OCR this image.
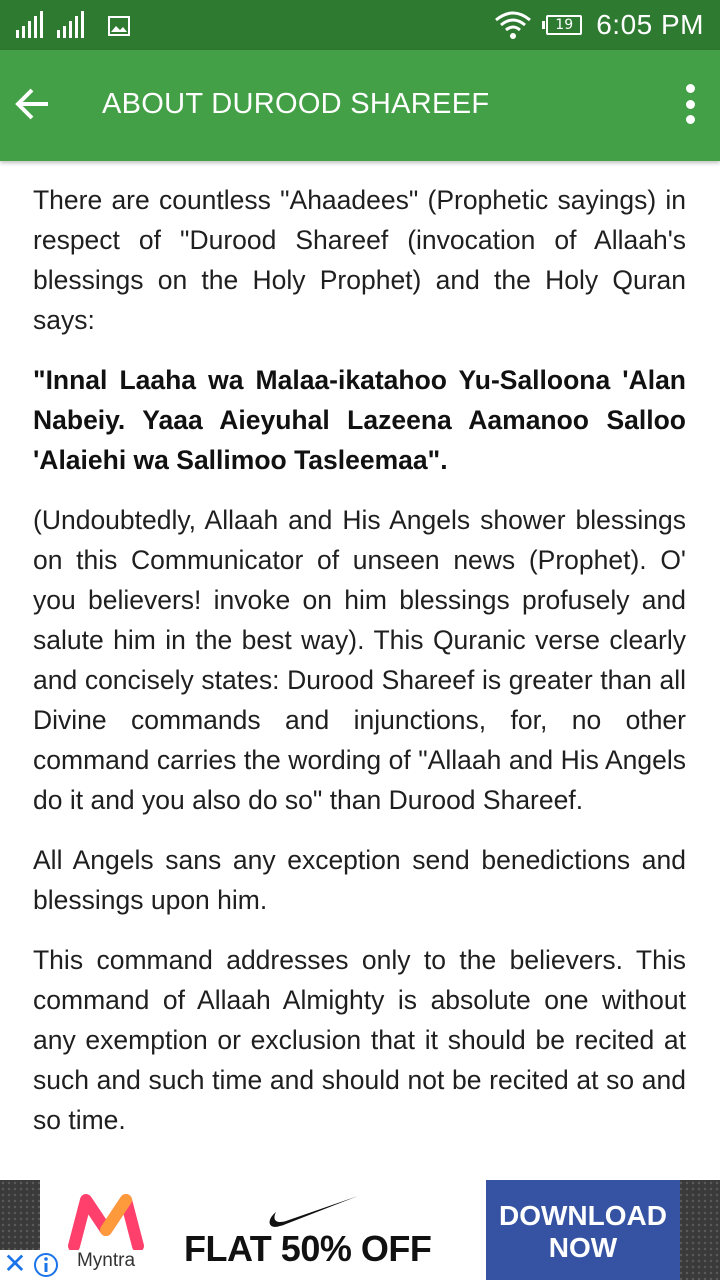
19 6:05 PM
ABOUT DUROOD SHAREEF

There are countless "Ahaadees" (Prophetic sayings) in respect of "Durood Shareef (invocation of Allaah's blessings on the Holy Prophet) and the Holy Quran says:

"Innal Laaha wa Malaa-ikatahoo Yu-Salloona 'Alan Nabeiy. Yaaa Aieyuhal Lazeena Aamanoo Salloo 'Alaiehi wa Sallimoo Tasleemaa".

(Undoubtedly, Allaah and His Angels shower blessings on this Communicator of unseen news (Prophet). O' you believers! invoke on him blessings profusely and salute him in the best way). This Quranic verse clearly and concisely states: Durood Shareef is greater than all Divine commands and injunctions, for, no other command carries the wording of "Allaah and His Angels do it and you also do so" than Durood Shareef.

All Angels sans any exception send benedictions and blessings upon him.

This command addresses only to the believers. This command of Allaah Almighty is absolute one without any exemption or exclusion that it should be recited at such and such time and should not be recited at so and so time.

Myntra	FLAT 50% OFF
DOWNLOAD NOW
✕
